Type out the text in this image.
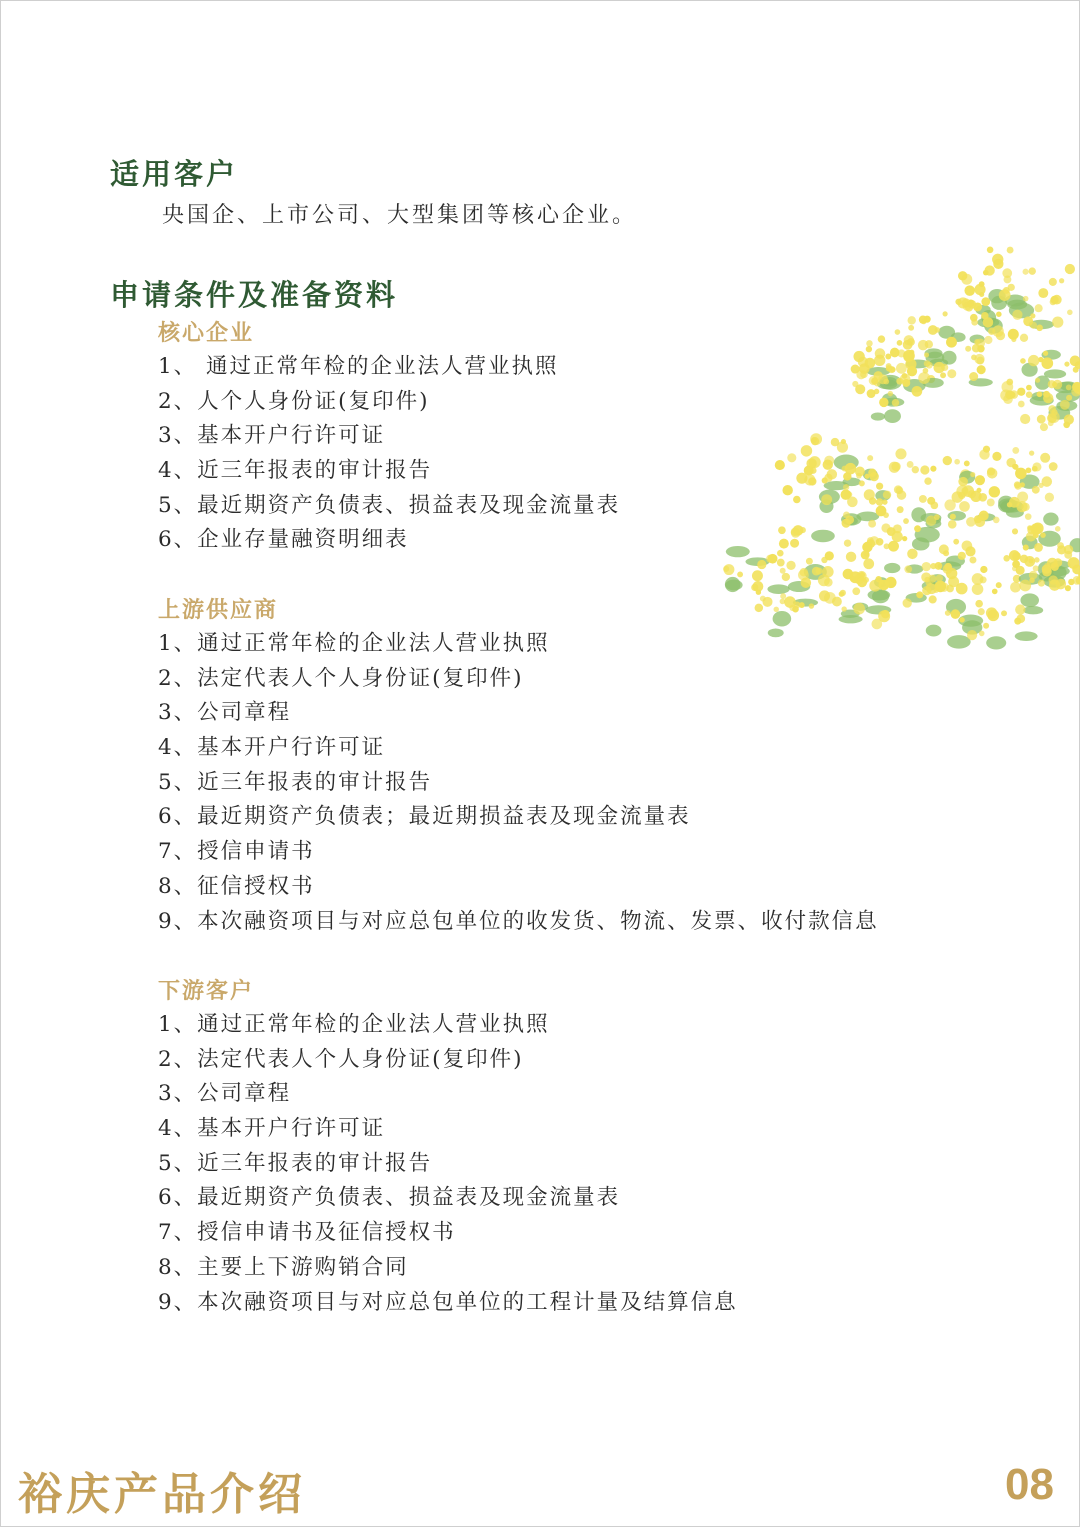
适用客户
央国企、上市公司、大型集团等核心企业。
申请条件及准备资料
核心企业
1、 通过正常年检的企业法人营业执照
2、人个人身份证(复印件)
3、基本开户行许可证
4、近三年报表的审计报告
5、最近期资产负债表、损益表及现金流量表
6、企业存量融资明细表
上游供应商
1、通过正常年检的企业法人营业执照
2、法定代表人个人身份证(复印件)
3、公司章程
4、基本开户行许可证
5、近三年报表的审计报告
6、最近期资产负债表；最近期损益表及现金流量表
7、授信申请书
8、征信授权书
9、本次融资项目与对应总包单位的收发货、物流、发票、收付款信息
下游客户
1、通过正常年检的企业法人营业执照
2、法定代表人个人身份证(复印件)
3、公司章程
4、基本开户行许可证
5、近三年报表的审计报告
6、最近期资产负债表、损益表及现金流量表
7、授信申请书及征信授权书
8、主要上下游购销合同
9、本次融资项目与对应总包单位的工程计量及结算信息
裕庆产品介绍	08
